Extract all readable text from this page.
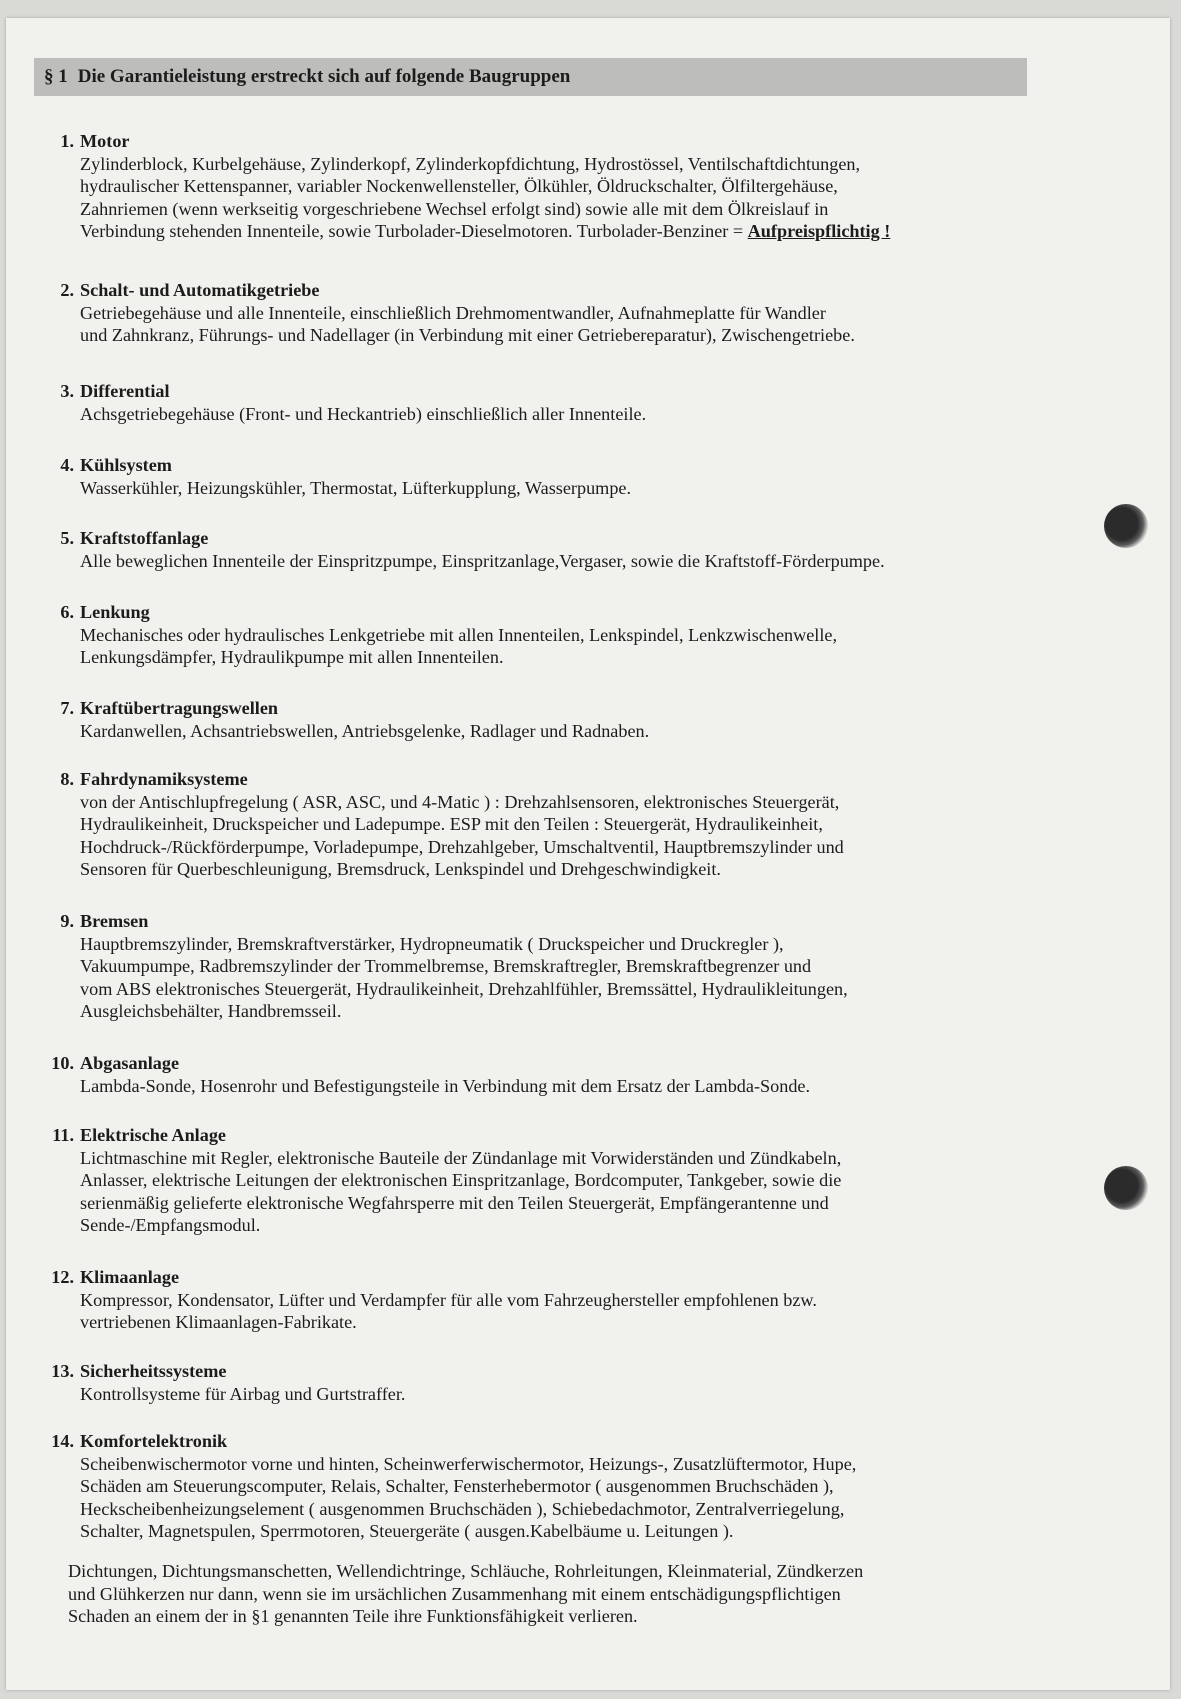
§ 1 Die Garantieleistung erstreckt sich auf folgende Baugruppen
1. Motor
Zylinderblock, Kurbelgehäuse, Zylinderkopf, Zylinderkopfdichtung, Hydrostössel, Ventilschaftdichtungen,
hydraulischer Kettenspanner, variabler Nockenwellensteller, Ölkühler, Öldruckschalter, Ölfiltergehäuse,
Zahnriemen (wenn werkseitig vorgeschriebene Wechsel erfolgt sind) sowie alle mit dem Ölkreislauf in
Verbindung stehenden Innenteile, sowie Turbolader-Dieselmotoren. Turbolader-Benziner = Aufpreispflichtig !
2. Schalt- und Automatikgetriebe
Getriebegehäuse und alle Innenteile, einschließlich Drehmomentwandler, Aufnahmeplatte für Wandler
und Zahnkranz, Führungs- und Nadellager (in Verbindung mit einer Getriebereparatur), Zwischengetriebe.
3. Differential
Achsgetriebegehäuse (Front- und Heckantrieb) einschließlich aller Innenteile.
4. Kühlsystem
Wasserkühler, Heizungskühler, Thermostat, Lüfterkupplung, Wasserpumpe.
5. Kraftstoffanlage
Alle beweglichen Innenteile der Einspritzpumpe, Einspritzanlage,Vergaser, sowie die Kraftstoff-Förderpumpe.
6. Lenkung
Mechanisches oder hydraulisches Lenkgetriebe mit allen Innenteilen, Lenkspindel, Lenkzwischenwelle,
Lenkungsdämpfer, Hydraulikpumpe mit allen Innenteilen.
7. Kraftübertragungswellen
Kardanwellen, Achsantriebswellen, Antriebsgelenke, Radlager und Radnaben.
8. Fahrdynamiksysteme
von der Antischlupfregelung ( ASR, ASC, und 4-Matic ) : Drehzahlsensoren, elektronisches Steuergerät,
Hydraulikeinheit, Druckspeicher und Ladepumpe. ESP mit den Teilen : Steuergerät, Hydraulikeinheit,
Hochdruck-/Rückförderpumpe, Vorladepumpe, Drehzahlgeber, Umschaltventil, Hauptbremszylinder und
Sensoren für Querbeschleunigung, Bremsdruck, Lenkspindel und Drehgeschwindigkeit.
9. Bremsen
Hauptbremszylinder, Bremskraftverstärker, Hydropneumatik ( Druckspeicher und Druckregler ),
Vakuumpumpe, Radbremszylinder der Trommelbremse, Bremskraftregler, Bremskraftbegrenzer und
vom ABS elektronisches Steuergerät, Hydraulikeinheit, Drehzahlfühler, Bremssättel, Hydraulikleitungen,
Ausgleichsbehälter, Handbremsseil.
10. Abgasanlage
Lambda-Sonde, Hosenrohr und Befestigungsteile in Verbindung mit dem Ersatz der Lambda-Sonde.
11. Elektrische Anlage
Lichtmaschine mit Regler, elektronische Bauteile der Zündanlage mit Vorwiderständen und Zündkabeln,
Anlasser, elektrische Leitungen der elektronischen Einspritzanlage, Bordcomputer, Tankgeber, sowie die
serienmäßig gelieferte elektronische Wegfahrsperre mit den Teilen Steuergerät, Empfängerantenne und
Sende-/Empfangsmodul.
12. Klimaanlage
Kompressor, Kondensator, Lüfter und Verdampfer für alle vom Fahrzeughersteller empfohlenen bzw.
vertriebenen Klimaanlagen-Fabrikate.
13. Sicherheitssysteme
Kontrollsysteme für Airbag und Gurtstraffer.
14. Komfortelektronik
Scheibenwischermotor vorne und hinten, Scheinwerferwischermotor, Heizungs-, Zusatzlüftermotor, Hupe,
Schäden am Steuerungscomputer, Relais, Schalter, Fensterhebermotor ( ausgenommen Bruchschäden ),
Heckscheibenheizungselement ( ausgenommen Bruchschäden ), Schiebedachmotor, Zentralverriegelung,
Schalter, Magnetspulen, Sperrmotoren, Steuergeräte ( ausgen.Kabelbäume u. Leitungen ).
Dichtungen, Dichtungsmanschetten, Wellendichtringe, Schläuche, Rohrleitungen, Kleinmaterial, Zündkerzen
und Glühkerzen nur dann, wenn sie im ursächlichen Zusammenhang mit einem entschädigungspflichtigen
Schaden an einem der in §1 genannten Teile ihre Funktionsfähigkeit verlieren.
